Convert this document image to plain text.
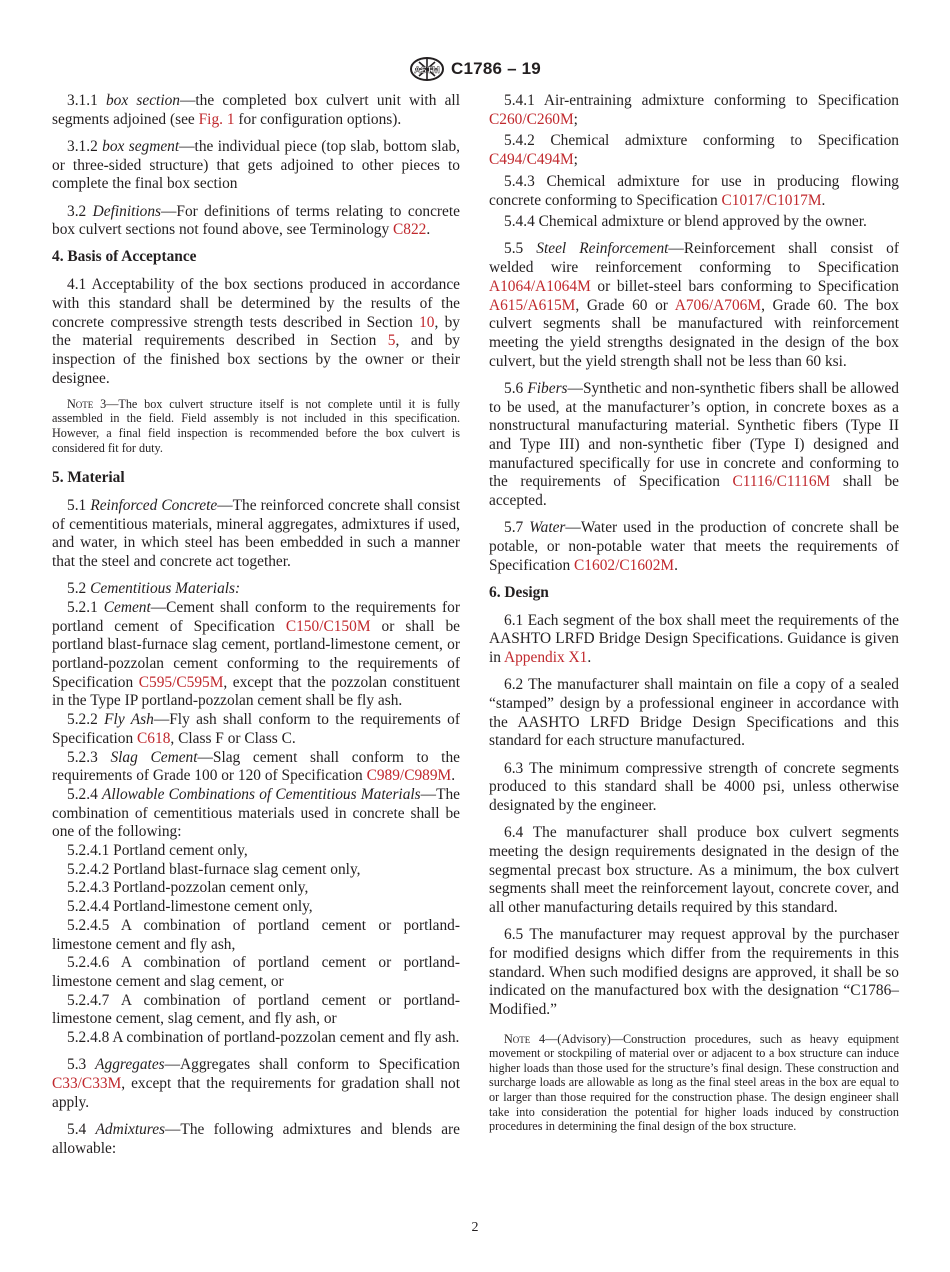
ASTM C1786 – 19

3.1.1 box section—the completed box culvert unit with all segments adjoined (see Fig. 1 for configuration options).

3.1.2 box segment—the individual piece (top slab, bottom slab, or three-sided structure) that gets adjoined to other pieces to complete the final box section

3.2 Definitions—For definitions of terms relating to concrete box culvert sections not found above, see Terminology C822.

4. Basis of Acceptance

4.1 Acceptability of the box sections produced in accordance with this standard shall be determined by the results of the concrete compressive strength tests described in Section 10, by the material requirements described in Section 5, and by inspection of the finished box sections by the owner or their designee.

Note 3—The box culvert structure itself is not complete until it is fully assembled in the field. Field assembly is not included in this specification. However, a final field inspection is recommended before the box culvert is considered fit for duty.

5. Material

5.1 Reinforced Concrete—The reinforced concrete shall consist of cementitious materials, mineral aggregates, admixtures if used, and water, in which steel has been embedded in such a manner that the steel and concrete act together.

5.2 Cementitious Materials:

5.2.1 Cement—Cement shall conform to the requirements for portland cement of Specification C150/C150M or shall be portland blast-furnace slag cement, portland-limestone cement, or portland-pozzolan cement conforming to the requirements of Specification C595/C595M, except that the pozzolan constituent in the Type IP portland-pozzolan cement shall be fly ash.

5.2.2 Fly Ash—Fly ash shall conform to the requirements of Specification C618, Class F or Class C.

5.2.3 Slag Cement—Slag cement shall conform to the requirements of Grade 100 or 120 of Specification C989/C989M.

5.2.4 Allowable Combinations of Cementitious Materials—The combination of cementitious materials used in concrete shall be one of the following:

5.2.4.1 Portland cement only,

5.2.4.2 Portland blast-furnace slag cement only,

5.2.4.3 Portland-pozzolan cement only,

5.2.4.4 Portland-limestone cement only,

5.2.4.5 A combination of portland cement or portland-limestone cement and fly ash,

5.2.4.6 A combination of portland cement or portland-limestone cement and slag cement, or

5.2.4.7 A combination of portland cement or portland-limestone cement, slag cement, and fly ash, or

5.2.4.8 A combination of portland-pozzolan cement and fly ash.

5.3 Aggregates—Aggregates shall conform to Specification C33/C33M, except that the requirements for gradation shall not apply.

5.4 Admixtures—The following admixtures and blends are allowable:

5.4.1 Air-entraining admixture conforming to Specification C260/C260M;

5.4.2 Chemical admixture conforming to Specification C494/C494M;

5.4.3 Chemical admixture for use in producing flowing concrete conforming to Specification C1017/C1017M.

5.4.4 Chemical admixture or blend approved by the owner.

5.5 Steel Reinforcement—Reinforcement shall consist of welded wire reinforcement conforming to Specification A1064/A1064M or billet-steel bars conforming to Specification A615/A615M, Grade 60 or A706/A706M, Grade 60. The box culvert segments shall be manufactured with reinforcement meeting the yield strengths designated in the design of the box culvert, but the yield strength shall not be less than 60 ksi.

5.6 Fibers—Synthetic and non-synthetic fibers shall be allowed to be used, at the manufacturer’s option, in concrete boxes as a nonstructural manufacturing material. Synthetic fibers (Type II and Type III) and non-synthetic fiber (Type I) designed and manufactured specifically for use in concrete and conforming to the requirements of Specification C1116/C1116M shall be accepted.

5.7 Water—Water used in the production of concrete shall be potable, or non-potable water that meets the requirements of Specification C1602/C1602M.

6. Design

6.1 Each segment of the box shall meet the requirements of the AASHTO LRFD Bridge Design Specifications. Guidance is given in Appendix X1.

6.2 The manufacturer shall maintain on file a copy of a sealed “stamped” design by a professional engineer in accordance with the AASHTO LRFD Bridge Design Specifications and this standard for each structure manufactured.

6.3 The minimum compressive strength of concrete segments produced to this standard shall be 4000 psi, unless otherwise designated by the engineer.

6.4 The manufacturer shall produce box culvert segments meeting the design requirements designated in the design of the segmental precast box structure. As a minimum, the box culvert segments shall meet the reinforcement layout, concrete cover, and all other manufacturing details required by this standard.

6.5 The manufacturer may request approval by the purchaser for modified designs which differ from the requirements in this standard. When such modified designs are approved, it shall be so indicated on the manufactured box with the designation “C1786–Modified.”

Note 4—(Advisory)—Construction procedures, such as heavy equipment movement or stockpiling of material over or adjacent to a box structure can induce higher loads than those used for the structure’s final design. These construction and surcharge loads are allowable as long as the final steel areas in the box are equal to or larger than those required for the construction phase. The design engineer shall take into consideration the potential for higher loads induced by construction procedures in determining the final design of the box structure.

2
